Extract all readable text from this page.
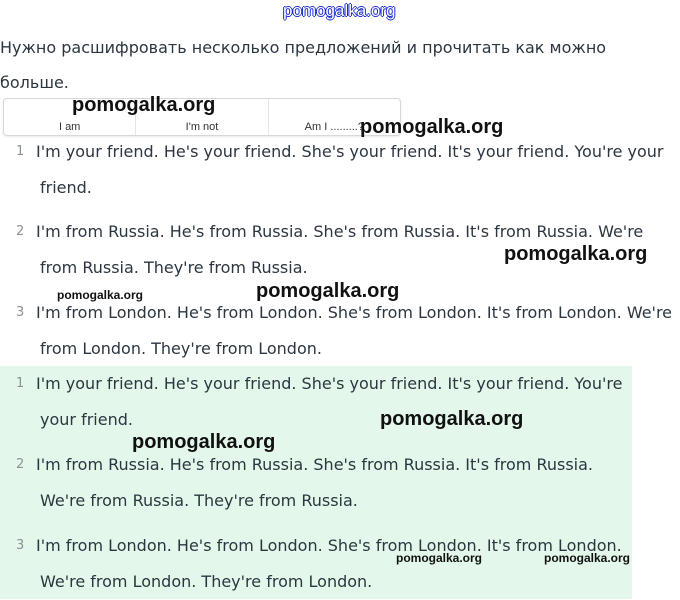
pomogalka.org
Нужно расшифровать несколько предложений и прочитать как можно
больше.
I am	I'm not	Am I .........?
1 I'm your friend. He's your friend. She's your friend. It's your friend. You're your
friend.
2 I'm from Russia. He's from Russia. She's from Russia. It's from Russia. We're
from Russia. They're from Russia.
3 I'm from London. He's from London. She's from London. It's from London. We're
from London. They're from London.
1 I'm your friend. He's your friend. She's your friend. It's your friend. You're
your friend.
2 I'm from Russia. He's from Russia. She's from Russia. It's from Russia.
We're from Russia. They're from Russia.
3 I'm from London. He's from London. She's from London. It's from London.
We're from London. They're from London.
pomogalka.org
pomogalka.org
pomogalka.org
pomogalka.org	pomogalka.org
pomogalka.org
pomogalka.org
pomogalka.org	pomogalka.org
